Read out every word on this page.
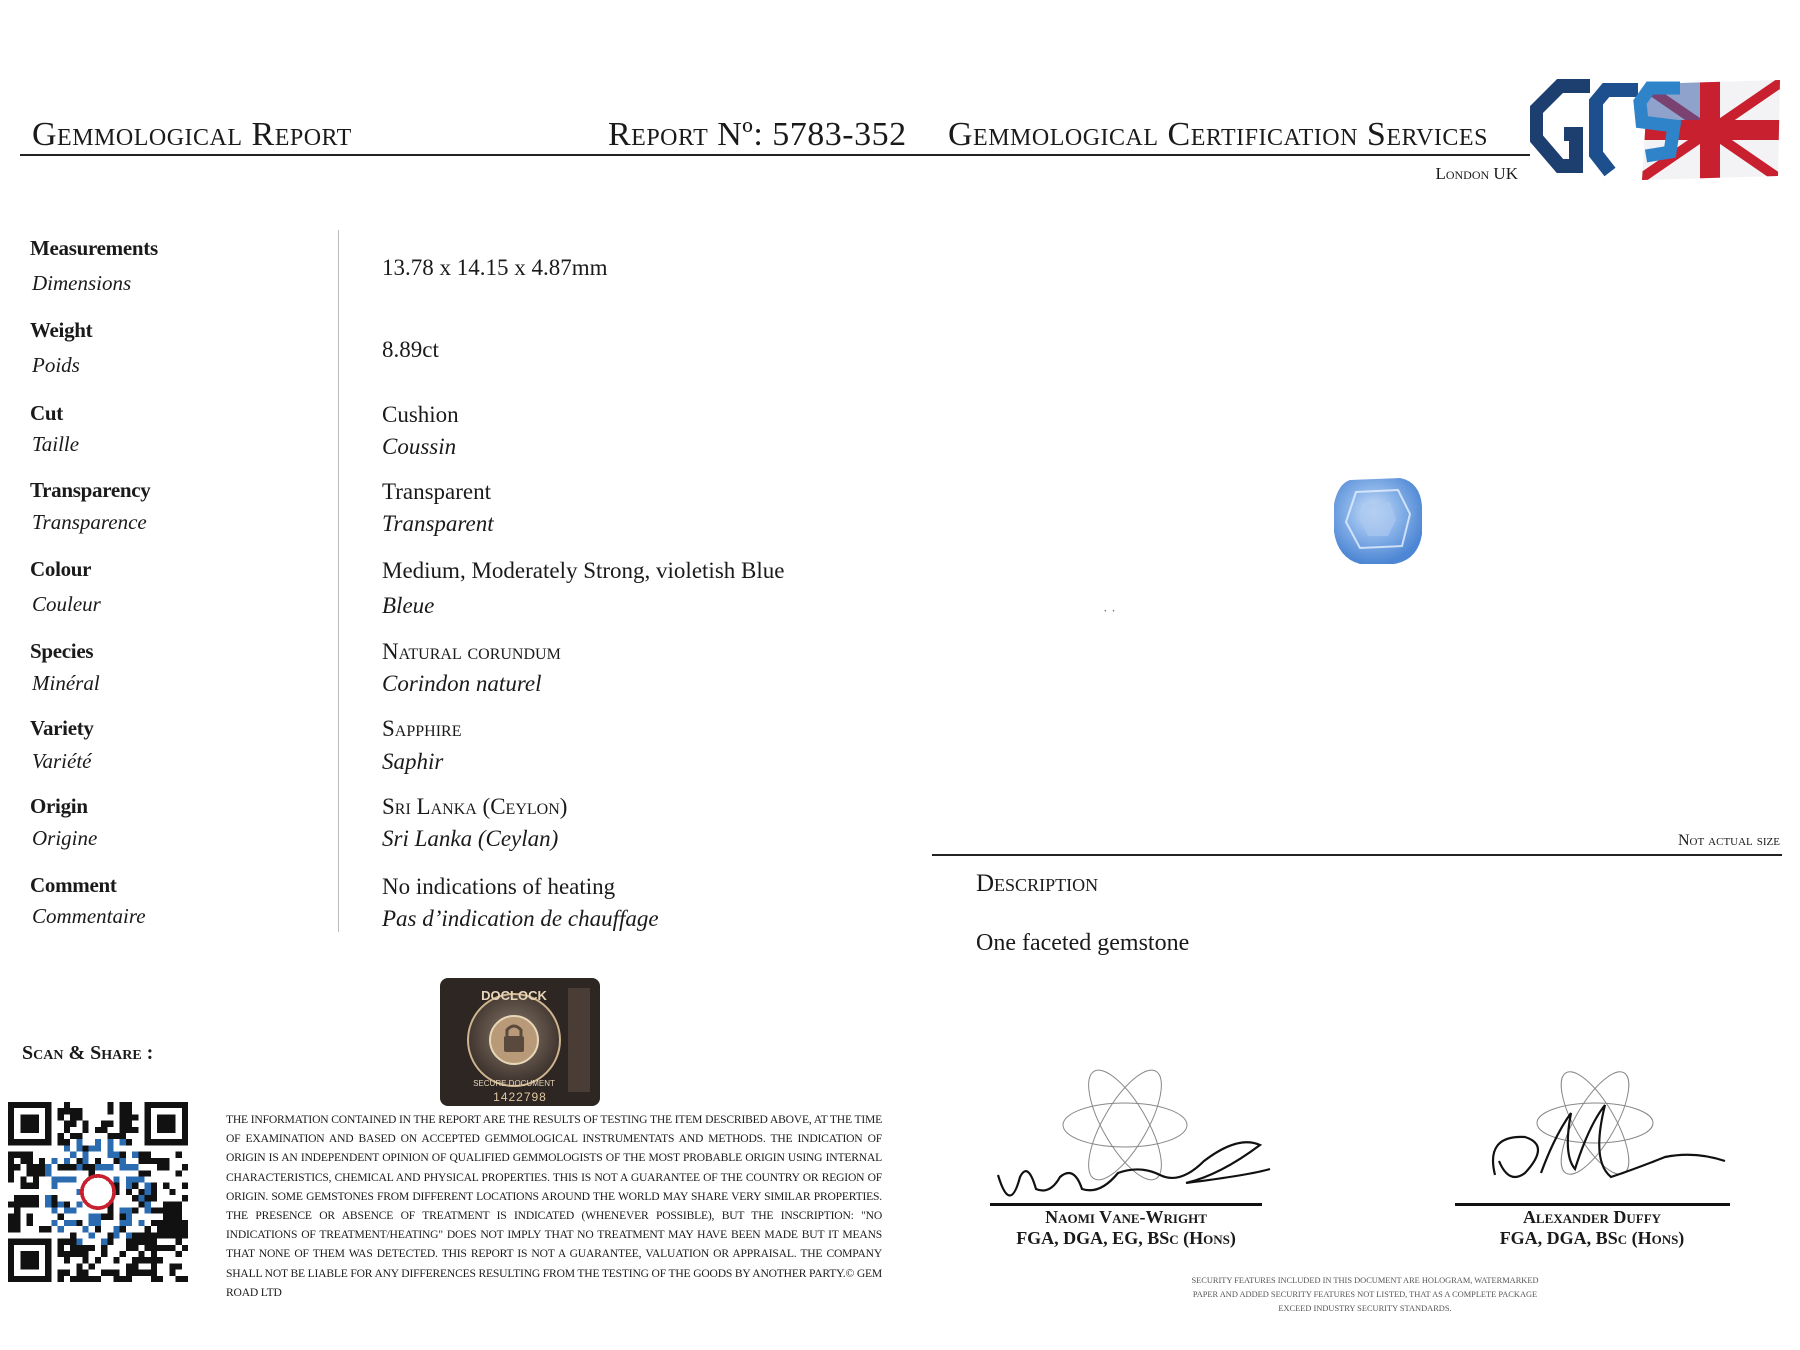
Gemmological Report	Report Nº: 5783-352 Gemmological Certification Services
London UK
Measurements
Dimensions
13.78 x 14.15 x 4.87mm
Weight
Poids
8.89ct
Cut
Taille
Cushion
Coussin
Transparency
Transparence
Transparent
Transparent
Colour
Couleur
Medium, Moderately Strong, violetish Blue
Bleue
Species
Minéral
Natural corundum
Corindon naturel
Variety
Variété
Sapphire
Saphir
Origin
Origine
Sri Lanka (Ceylon)
Sri Lanka (Ceylan)
Comment
Commentaire
No indications of heating
Pas d’indication de chauffage
˙ ˙
Not actual size
Description
One faceted gemstone
Scan & Share :
DOCLOCK
SECURE DOCUMENT
1422798
THE INFORMATION CONTAINED IN THE REPORT ARE THE RESULTS OF TESTING THE ITEM DESCRIBED ABOVE, AT THE TIME OF EXAMINATION AND BASED ON ACCEPTED GEMMOLOGICAL INSTRUMENTATS AND METHODS. THE INDICATION OF ORIGIN IS AN INDEPENDENT OPINION OF QUALIFIED GEMMOLOGISTS OF THE MOST PROBABLE ORIGIN USING INTERNAL CHARACTERISTICS, CHEMICAL AND PHYSICAL PROPERTIES. THIS IS NOT A GUARANTEE OF THE COUNTRY OR REGION OF ORIGIN. SOME GEMSTONES FROM DIFFERENT LOCATIONS AROUND THE WORLD MAY SHARE VERY SIMILAR PROPERTIES. THE PRESENCE OR ABSENCE OF TREATMENT IS INDICATED (WHENEVER POSSIBLE), BUT THE INSCRIPTION: "NO INDICATIONS OF TREATMENT/HEATING" DOES NOT IMPLY THAT NO TREATMENT MAY HAVE BEEN MADE BUT IT MEANS THAT NONE OF THEM WAS DETECTED. THIS REPORT IS NOT A GUARANTEE, VALUATION OR APPRAISAL. THE COMPANY SHALL NOT BE LIABLE FOR ANY DIFFERENCES RESULTING FROM THE TESTING OF THE GOODS BY ANOTHER PARTY.© GEM ROAD LTD
Naomi Vane-Wright
FGA, DGA, EG, BSc (Hons)
Alexander Duffy
FGA, DGA, BSc (Hons)
SECURITY FEATURES INCLUDED IN THIS DOCUMENT ARE HOLOGRAM, WATERMARKED PAPER AND ADDED SECURITY FEATURES NOT LISTED, THAT AS A COMPLETE PACKAGE EXCEED INDUSTRY SECURITY STANDARDS.
